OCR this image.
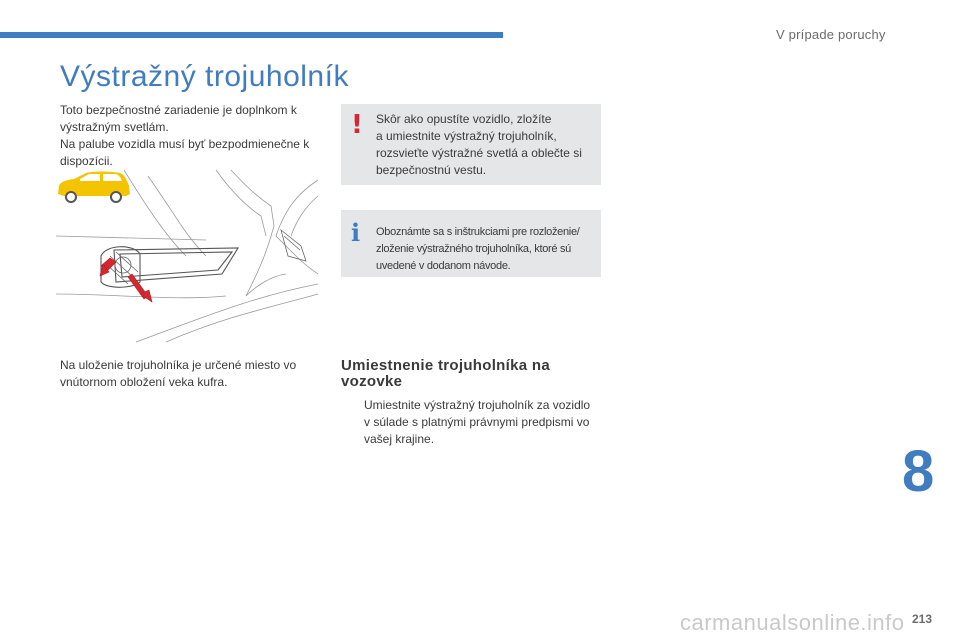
V prípade poruchy
Výstražný trojuholník

Toto bezpečnostné zariadenie je doplnkom k

výstražným svetlám.

Na palube vozidla musí byť bezpodmienečne k

dispozícii.

Na uloženie trojuholníka je určené miesto vo
vnútornom obložení veka kufra.
! Skôr ako opustíte vozidlo, zložíte
a umiestnite výstražný trojuholník,
rozsvieťte výstražné svetlá a oblečte si
bezpečnostnú vestu.
i Oboznámte sa s inštrukciami pre rozloženie/
zloženie výstražného trojuholníka, ktoré sú
uvedené v dodanom návode.
Umiestnenie trojuholníka na
vozovke
Umiestnite výstražný trojuholník za vozidlo
v súlade s platnými právnymi predpismi vo
vašej krajine.	8
carmanualsonline.info 213
